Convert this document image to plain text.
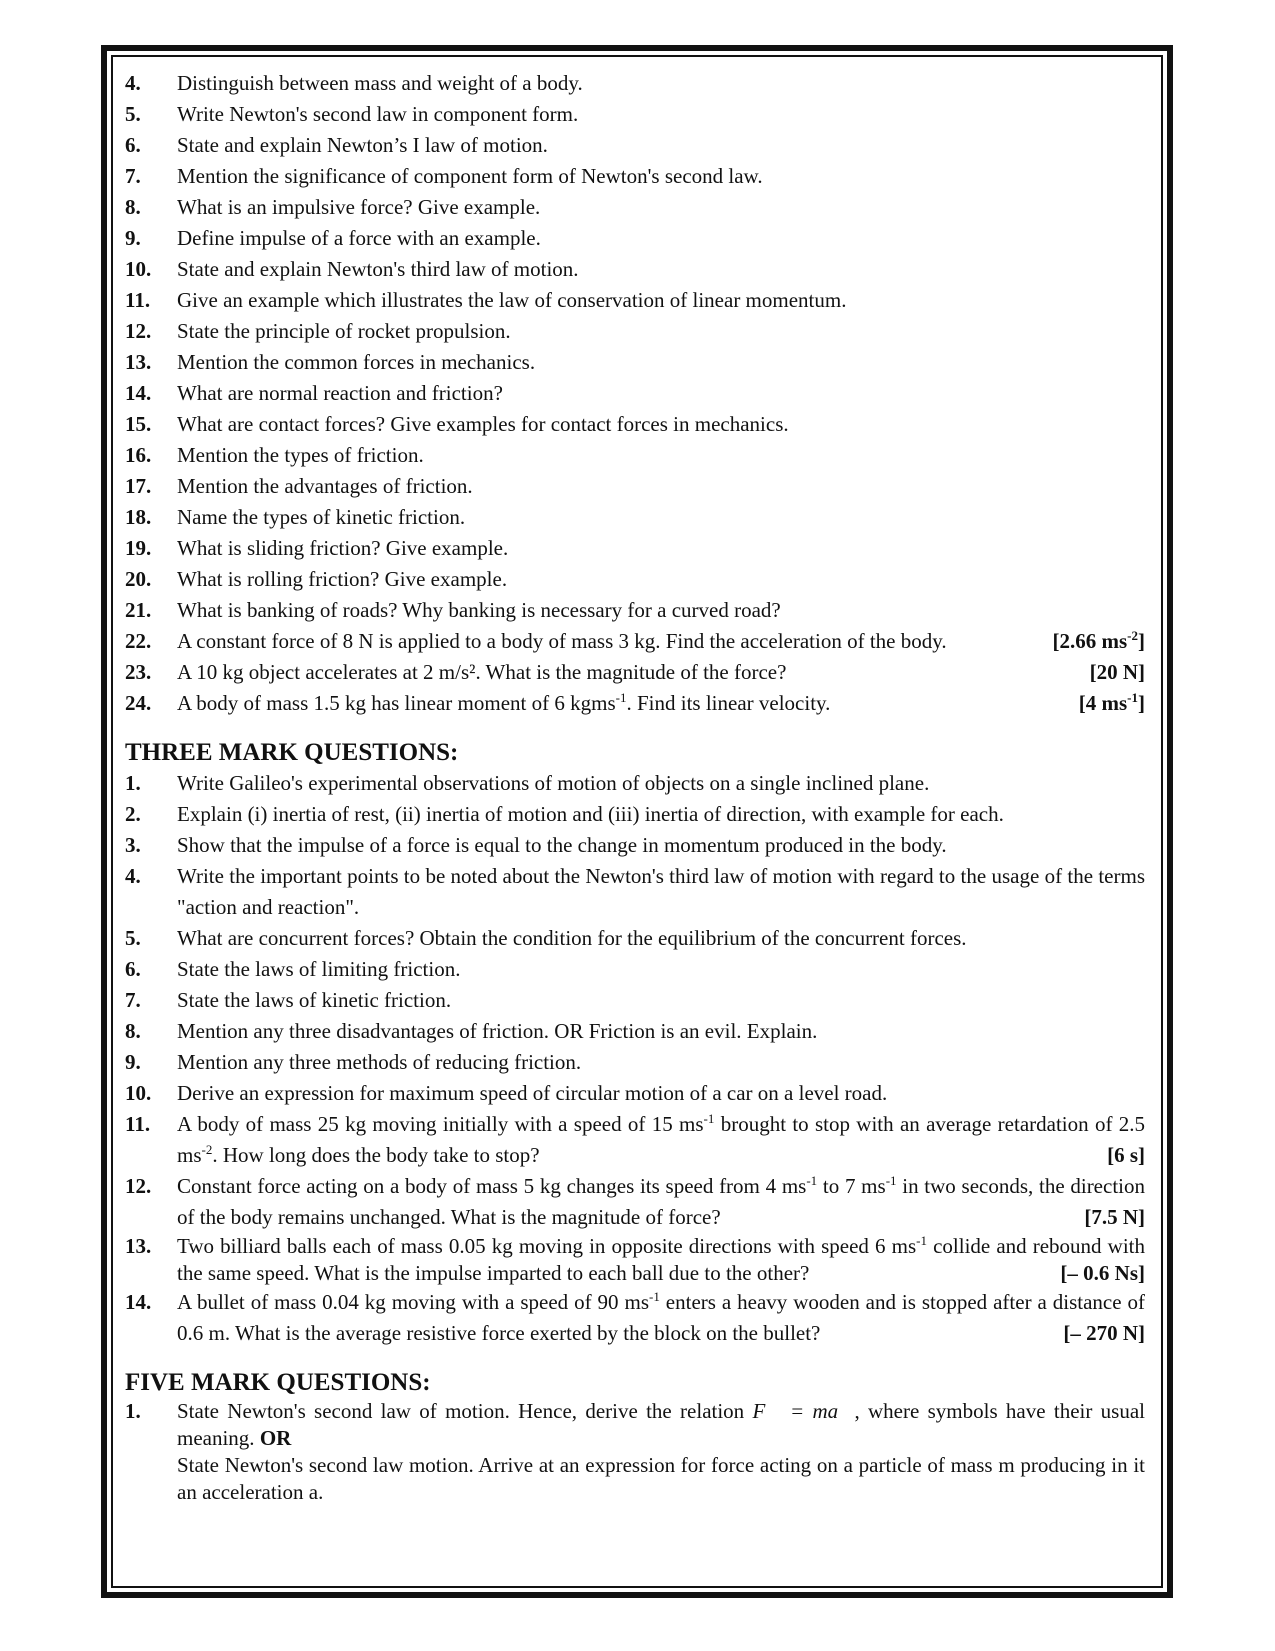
4. Distinguish between mass and weight of a body.
5. Write Newton's second law in component form.
6. State and explain Newton’s I law of motion.
7. Mention the significance of component form of Newton's second law.
8. What is an impulsive force? Give example.
9. Define impulse of a force with an example.
10. State and explain Newton's third law of motion.
11. Give an example which illustrates the law of conservation of linear momentum.
12. State the principle of rocket propulsion.
13. Mention the common forces in mechanics.
14. What are normal reaction and friction?
15. What are contact forces? Give examples for contact forces in mechanics.
16. Mention the types of friction.
17. Mention the advantages of friction.
18. Name the types of kinetic friction.
19. What is sliding friction? Give example.
20. What is rolling friction? Give example.
21. What is banking of roads? Why banking is necessary for a curved road?
22.	[2.66 $ms^{-2}$]
A constant force of 8 N is applied to a body of mass 3 kg. Find the acceleration of the body.
23.	[20 N]
A 10 kg object accelerates at 2 m/s². What is the magnitude of the force?
24.	[4 $ms^{-1}$]
A body of mass 1.5 kg has linear moment of 6 kgms$^{-1}$. Find its linear velocity.
THREE MARK QUESTIONS:
1. Write Galileo's experimental observations of motion of objects on a single inclined plane.
2. Explain (i) inertia of rest, (ii) inertia of motion and (iii) inertia of direction, with example for each.
3. Show that the impulse of a force is equal to the change in momentum produced in the body.
4. Write the important points to be noted about the Newton's third law of motion with regard to the usage of the terms "action and reaction".
5. What are concurrent forces? Obtain the condition for the equilibrium of the concurrent forces.
6. State the laws of limiting friction.
7. State the laws of kinetic friction.
8. Mention any three disadvantages of friction. OR Friction is an evil. Explain.
9. Mention any three methods of reducing friction.
10. Derive an expression for maximum speed of circular motion of a car on a level road.
11. A body of mass 25 kg moving initially with a speed of 15 $ms^{-1}$ brought to stop with an average retardation of 2.5 $ms^{-2}$. How long does the body take to stop?	[6 s]
12. Constant force acting on a body of mass 5 kg changes its speed from 4 $ms^{-1}$ to 7 $ms^{-1}$ in two seconds, the direction of the body remains unchanged. What is the magnitude of force?	[7.5 N]
13. Two billiard balls each of mass 0.05 kg moving in opposite directions with speed 6 $ms^{-1}$ collide and rebound with the same speed. What is the impulse imparted to each ball due to the other?	[– 0.6 Ns]
14. A bullet of mass 0.04 kg moving with a speed of 90 $ms^{-1}$ enters a heavy wooden and is stopped after a distance of 0.6 m. What is the average resistive force exerted by the block on the bullet?	[– 270 N]
FIVE MARK QUESTIONS:
1. State Newton's second law of motion. Hence, derive the relation F⃗ = ma⃗, where symbols have their usual meaning. OR
State Newton's second law motion. Arrive at an expression for force acting on a particle of mass m producing in it an acceleration a.
